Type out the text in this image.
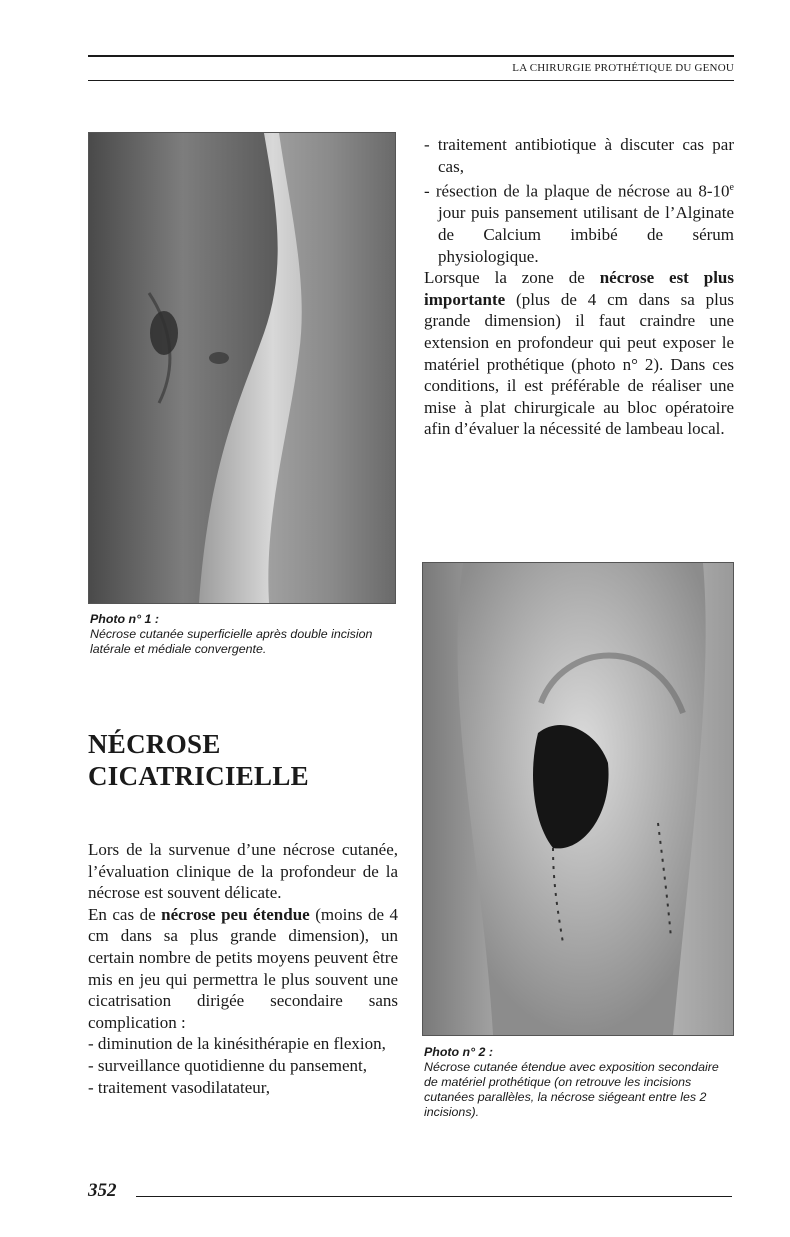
LA CHIRURGIE PROTHÉTIQUE DU GENOU
Photo n° 1 :
Nécrose cutanée superficielle après double incision latérale et médiale convergente.
- traitement antibiotique à discuter cas par cas,
- résection de la plaque de nécrose au 8-10e jour puis pansement utilisant de l’Alginate de Calcium imbibé de sérum physiologique.

Lorsque la zone de nécrose est plus importante (plus de 4 cm dans sa plus grande dimension) il faut craindre une extension en profondeur qui peut exposer le matériel prothétique (photo n° 2). Dans ces conditions, il est préférable de réaliser une mise à plat chirurgicale au bloc opératoire afin d’évaluer la nécessité de lambeau local.

Photo n° 2 :
Nécrose cutanée étendue avec exposition secondaire de matériel prothétique (on retrouve les incisions cutanées parallèles, la nécrose siégeant entre les 2 incisions).
NÉCROSE
CICATRICIELLE

Lors de la survenue d’une nécrose cutanée, l’évaluation clinique de la profondeur de la nécrose est souvent délicate.

En cas de nécrose peu étendue (moins de 4 cm dans sa plus grande dimension), un certain nombre de petits moyens peuvent être mis en jeu qui permettra le plus souvent une cicatrisation dirigée secondaire sans complication :

- diminution de la kinésithérapie en flexion,
- surveillance quotidienne du pansement,
- traitement vasodilatateur,
352
